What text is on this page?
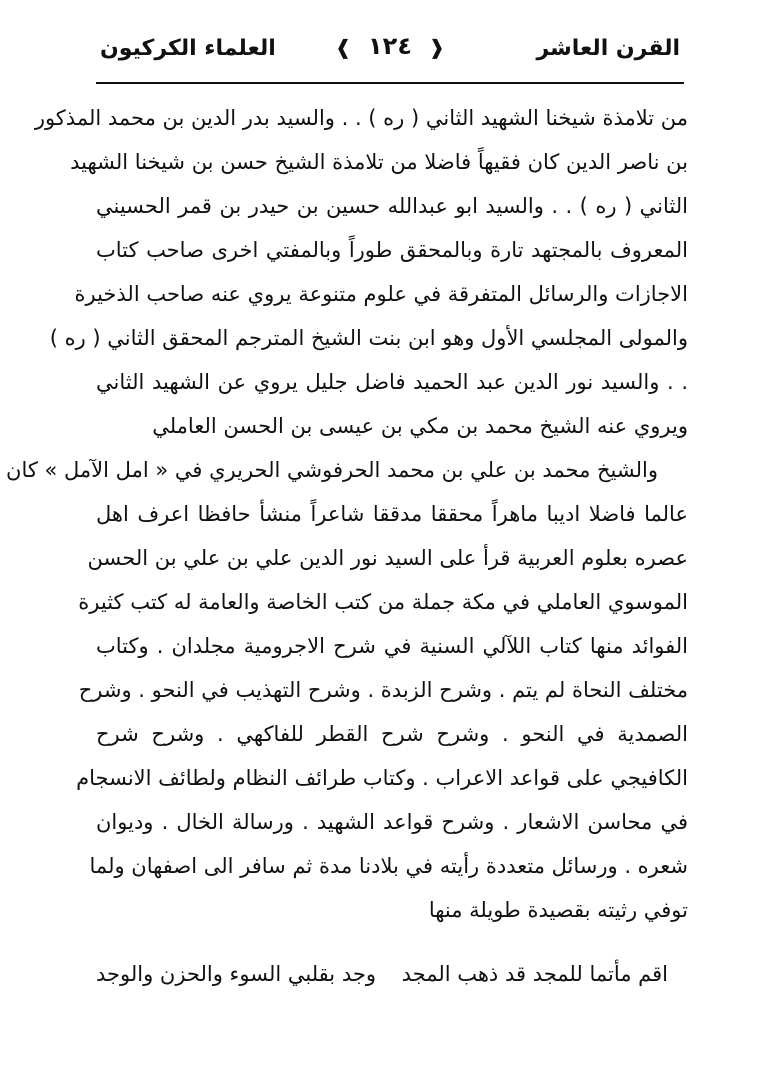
القرن العاشر
❰ ١٢٤ ❱
العلماء الكركيون
من تلامذة شيخنا الشهيد الثاني ( ره ) . . والسيد بدر الدين بن محمد المذكور
بن ناصر الدين كان فقيهاً فاضلا من تلامذة الشيخ حسن بن شيخنا الشهيد
الثاني ( ره ) . . والسيد ابو عبدالله حسين بن حيدر بن قمر الحسيني
المعروف بالمجتهد تارة وبالمحقق طوراً وبالمفتي اخرى صاحب كتاب
الاجازات والرسائل المتفرقة في علوم متنوعة يروي عنه صاحب الذخيرة
والمولى المجلسي الأول وهو ابن بنت الشيخ المترجم المحقق الثاني ( ره )
. . والسيد نور الدين عبد الحميد فاضل جليل يروي عن الشهيد الثاني
ويروي عنه الشيخ محمد بن مكي بن عيسى بن الحسن العاملي
والشيخ محمد بن علي بن محمد الحرفوشي الحريري في « امل الآمل » كان
عالما فاضلا اديبا ماهراً محققا مدققا شاعراً منشأ حافظا اعرف اهل
عصره بعلوم العربية قرأ على السيد نور الدين علي بن علي بن الحسن
الموسوي العاملي في مكة جملة من كتب الخاصة والعامة له كتب كثيرة
الفوائد منها كتاب اللآلي السنية في شرح الاجرومية مجلدان . وكتاب
مختلف النحاة لم يتم . وشرح الزبدة . وشرح التهذيب في النحو . وشرح
الصمدية في النحو . وشرح شرح القطر للفاكهي . وشرح شرح
الكافيجي على قواعد الاعراب . وكتاب طرائف النظام ولطائف الانسجام
في محاسن الاشعار . وشرح قواعد الشهيد . ورسالة الخال . وديوان
شعره . ورسائل متعددة رأيته في بلادنا مدة ثم سافر الى اصفهان ولما
توفي رثيته بقصيدة طويلة منها
اقم مأتما للمجد قد ذهب المجد
وجد بقلبي السوء والحزن والوجد
